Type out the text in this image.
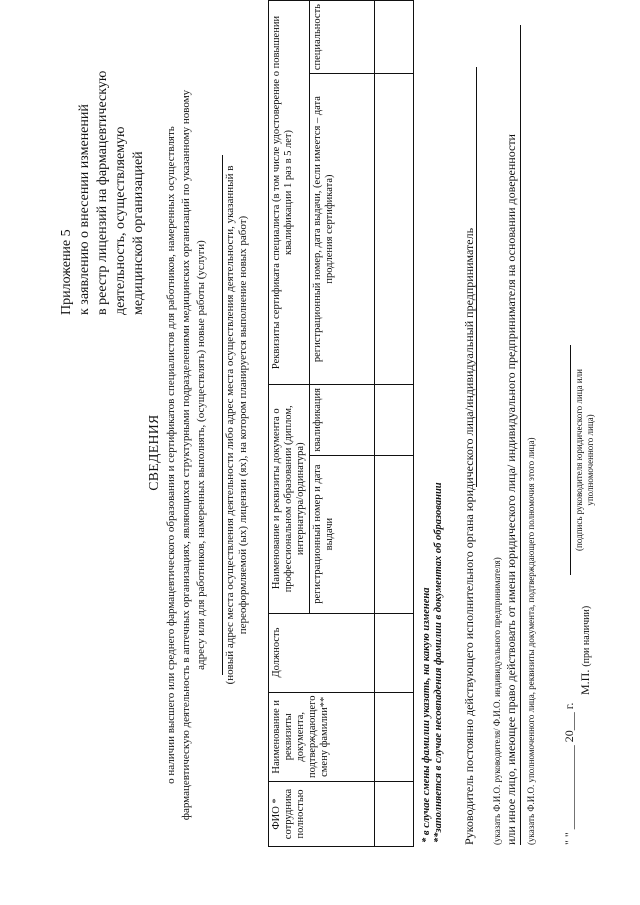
Приложение 5 к заявлению о внесении изменений в реестр лицензий на фармацевтическую деятельность, осуществляемую медицинской организацией
СВЕДЕНИЯ о наличии высшего или среднего фармацевтического образования и сертификатов специалистов для работников, намеренных осуществлять фармацевтическую деятельность в аптечных организациях, являющихся структурными подразделениями медицинских организаций по указанному новому адресу или для работников, намеренных выполнять, (осуществлять) новые работы (услуги) (новый адрес места осуществления деятельности либо адрес места осуществления деятельности, указанный в переоформляемой (ых) лицензии (ях), на котором планируется выполнение новых работ)
ФИО * сотрудника полностью	Наименование и реквизиты документа, подтверждающего смену фамилии**	Должность	Наименование и реквизиты документа о профессиональном образовании (диплом, интернатура/ординатура)		Реквизиты сертификата специалиста (в том числе удостоверение о повышении квалификации 1 раз в 5 лет)	
			регистрационный номер и дата выдачи	квалификация	регистрационный номер, дата выдачи, (если имеется – дата продления сертификата)	специальность

* в случае смены фамилии указать, на какую изменена **заполняется в случае несовпадения фамилии в документах об образовании Руководитель постоянно действующего исполнительного органа юридического лица/индивидуальный предприниматель (указать Ф.И.О. руководителя/ Ф.И.О. индивидуального предпринимателя) или иное лицо, имеющее право действовать от имени юридического лица/ индивидуального предпринимателя на основании доверенности (указать Ф.И.О. уполномоченного лица, реквизиты документа, подтверждающего полномочия этого лица) " " ______________ 20___ г.
М.П. (при наличии)
(подпись руководителя юридического лица или уполномоченного лица)
